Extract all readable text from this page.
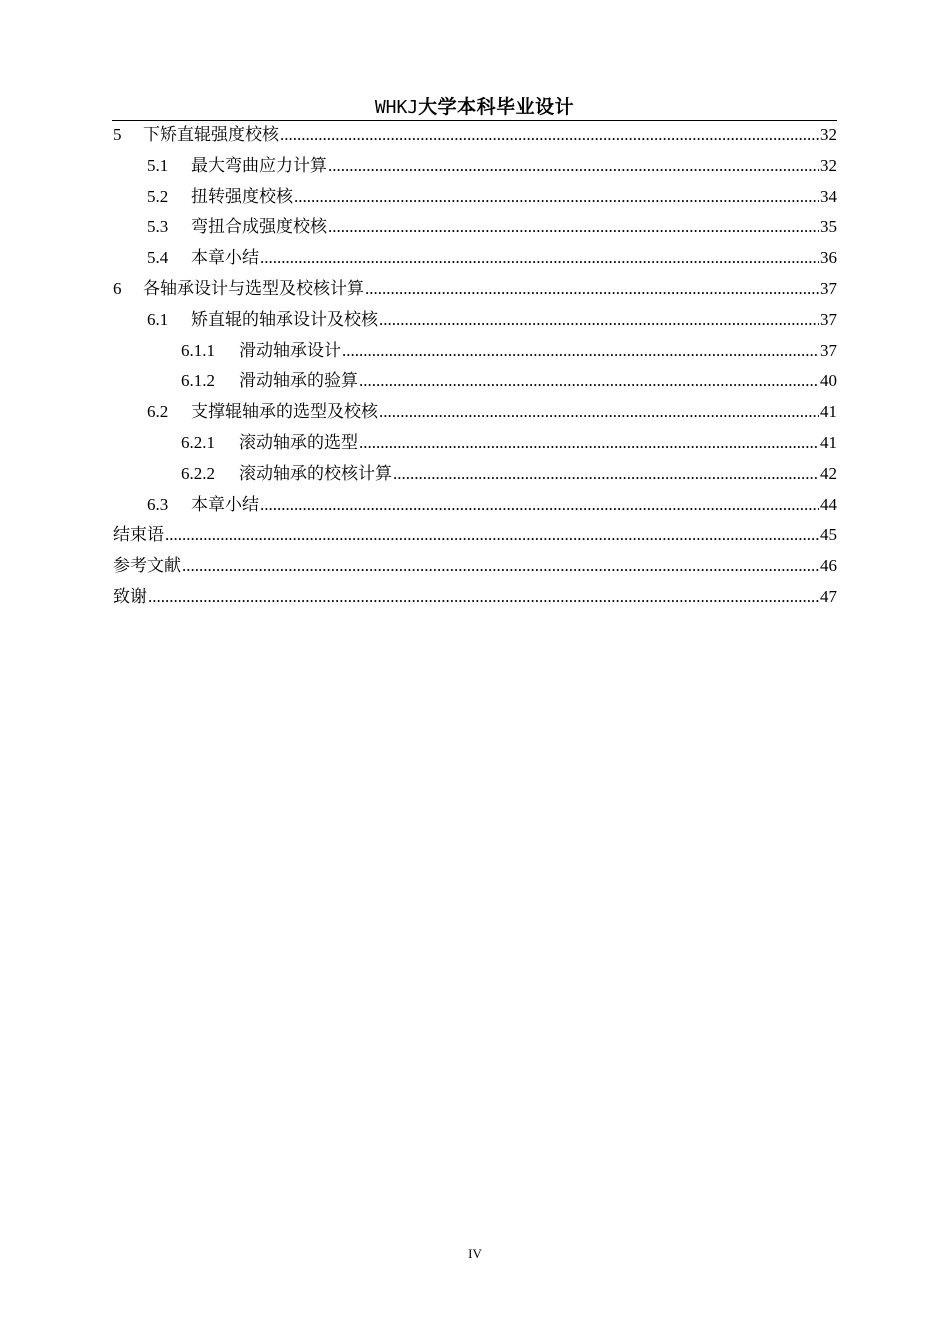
WHKJ大学本科毕业设计
5	下矫直辊强度校核 .....	32
5.1	最大弯曲应力计算 .....	32
5.2	扭转强度校核 .....	34
5.3	弯扭合成强度校核 .....	35
5.4	本章小结 .....	36
6	各轴承设计与选型及校核计算 .....	37
6.1	矫直辊的轴承设计及校核 .....	37
6.1.1	滑动轴承设计 .....	37
6.1.2	滑动轴承的验算 .....	40
6.2	支撑辊轴承的选型及校核 .....	41
6.2.1	滚动轴承的选型 .....	41
6.2.2	滚动轴承的校核计算 .....	42
6.3	本章小结 .....	44
结束语 .....	45
参考文献 .....	46
致谢 .....	47
IV
